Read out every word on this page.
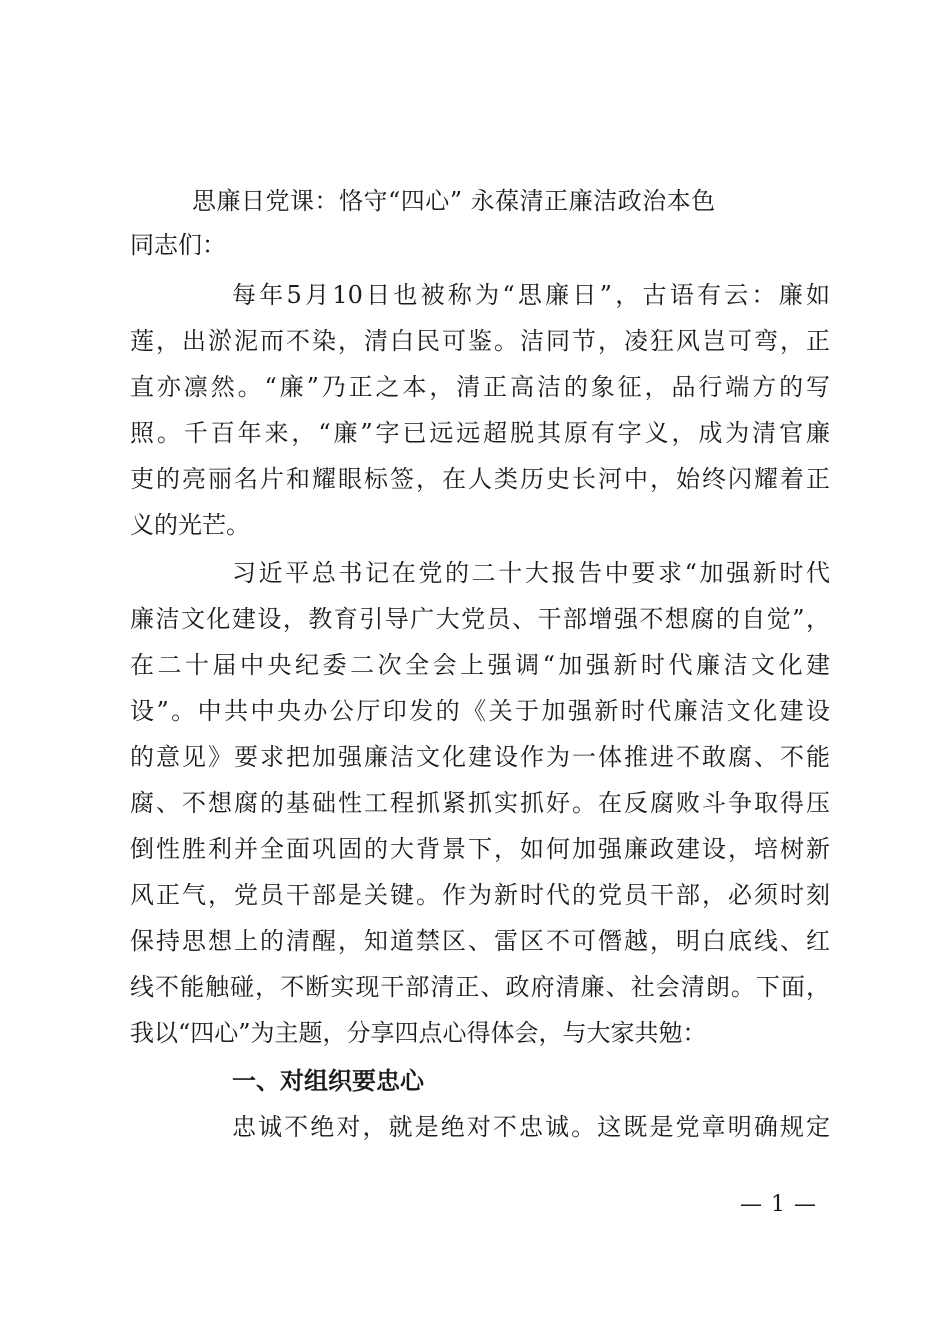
思廉日党课：恪守“四心” 永葆清正廉洁政治本色
同志们：
每年5月10日也被称为“思廉日”，古语有云：廉如
莲，出淤泥而不染，清白民可鉴。洁同节，凌狂风岂可弯，正
直亦凛然。“廉”乃正之本，清正高洁的象征，品行端方的写
照。千百年来，“廉”字已远远超脱其原有字义，成为清官廉
吏的亮丽名片和耀眼标签，在人类历史长河中，始终闪耀着正
义的光芒。
习近平总书记在党的二十大报告中要求“加强新时代
廉洁文化建设，教育引导广大党员、干部增强不想腐的自觉”，
在二十届中央纪委二次全会上强调“加强新时代廉洁文化建
设”。中共中央办公厅印发的《关于加强新时代廉洁文化建设
的意见》要求把加强廉洁文化建设作为一体推进不敢腐、不能
腐、不想腐的基础性工程抓紧抓实抓好。在反腐败斗争取得压
倒性胜利并全面巩固的大背景下，如何加强廉政建设，培树新
风正气，党员干部是关键。作为新时代的党员干部，必须时刻
保持思想上的清醒，知道禁区、雷区不可僭越，明白底线、红
线不能触碰，不断实现干部清正、政府清廉、社会清朗。下面，
我以“四心”为主题，分享四点心得体会，与大家共勉：
一、对组织要忠心
忠诚不绝对，就是绝对不忠诚。这既是党章明确规定
— 1 —
